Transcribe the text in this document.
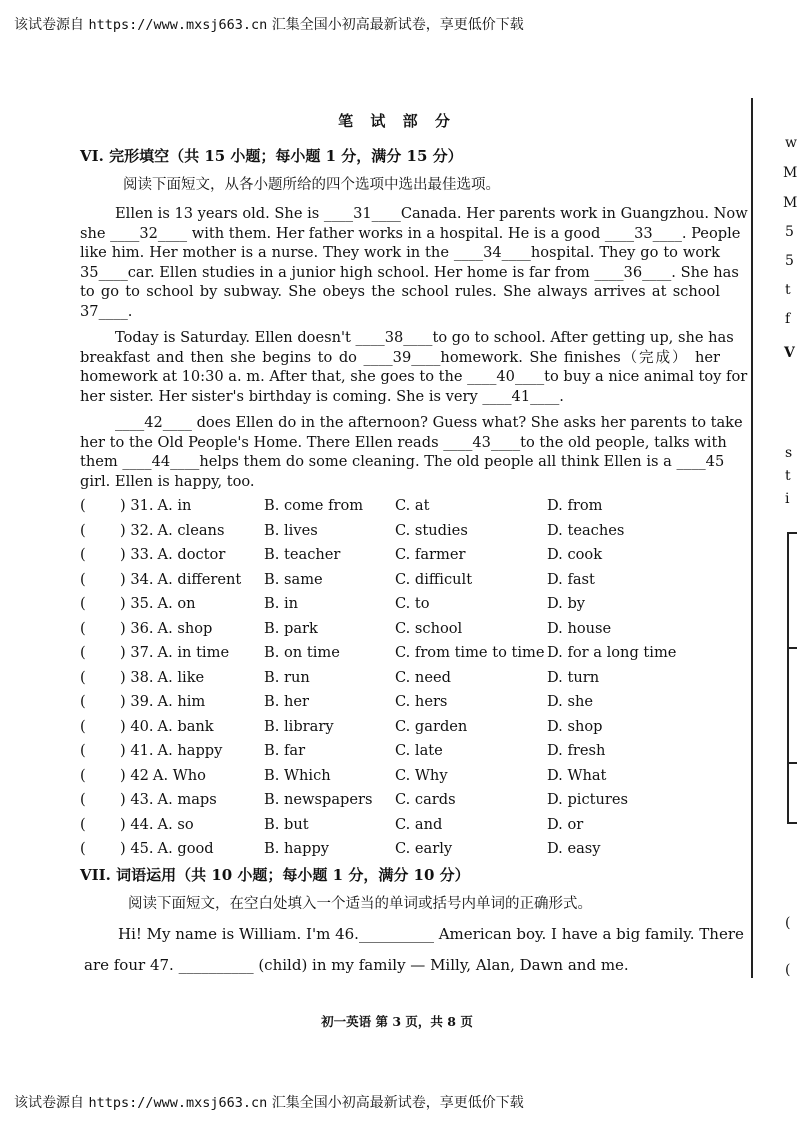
该试卷源自 https://www.mxsj663.cn 汇集全国小初高最新试卷，享更低价下载
笔 试 部 分
VI. 完形填空（共 15 小题；每小题 1 分，满分 15 分）
阅读下面短文，从各小题所给的四个选项中选出最佳选项。
Ellen is 13 years old. She is ____31____Canada. Her parents work in Guangzhou. Now
she ____32____ with them. Her father works in a hospital. He is a good ____33____. People
like him. Her mother is a nurse. They work in the ____34____hospital. They go to work
35____car. Ellen studies in a junior high school. Her home is far from ____36____. She has
to go to school by subway. She obeys the school rules. She always arrives at school
37____.
Today is Saturday. Ellen doesn't ____38____to go to school. After getting up, she has
breakfast and then she begins to do ____39____homework. She finishes（完成） her
homework at 10:30 a. m. After that, she goes to the ____40____to buy a nice animal toy for
her sister. Her sister's birthday is coming. She is very ____41____.
____42____ does Ellen do in the afternoon? Guess what? She asks her parents to take
her to the Old People's Home. There Ellen reads ____43____to the old people, talks with
them ____44____helps them do some cleaning. The old people all think Ellen is a ____45
girl. Ellen is happy, too.
( ) 31. A. in	B. come from C. at	D. from
( ) 32. A. cleans	B. lives	C. studies	D. teaches
( ) 33. A. doctor	B. teacher	C. farmer	D. cook
( ) 34. A. different B. same	C. difficult	D. fast
( ) 35. A. on	B. in	C. to	D. by
( ) 36. A. shop	B. park	C. school	D. house
( ) 37. A. in time B. on time	C. from time to time D. for a long time
( ) 38. A. like	B. run	C. need	D. turn
( ) 39. A. him	B. her	C. hers	D. she
( ) 40. A. bank	B. library	C. garden	D. shop
( ) 41. A. happy	B. far	C. late	D. fresh
( ) 42 A. Who	B. Which	C. Why	D. What
( ) 43. A. maps	B. newspapers C. cards	D. pictures
( ) 44. A. so	B. but	C. and	D. or
( ) 45. A. good	B. happy	C. early	D. easy
VII. 词语运用（共 10 小题；每小题 1 分，满分 10 分）
阅读下面短文，在空白处填入一个适当的单词或括号内单词的正确形式。
Hi! My name is William. I'm 46.__________ American boy. I have a big family. There
are four 47. __________ (child) in my family — Milly, Alan, Dawn and me.
初一英语 第 3 页，共 8 页
w
M
M
5
5
t
f
V
s
t
i
(
(
该试卷源自 https://www.mxsj663.cn 汇集全国小初高最新试卷，享更低价下载
